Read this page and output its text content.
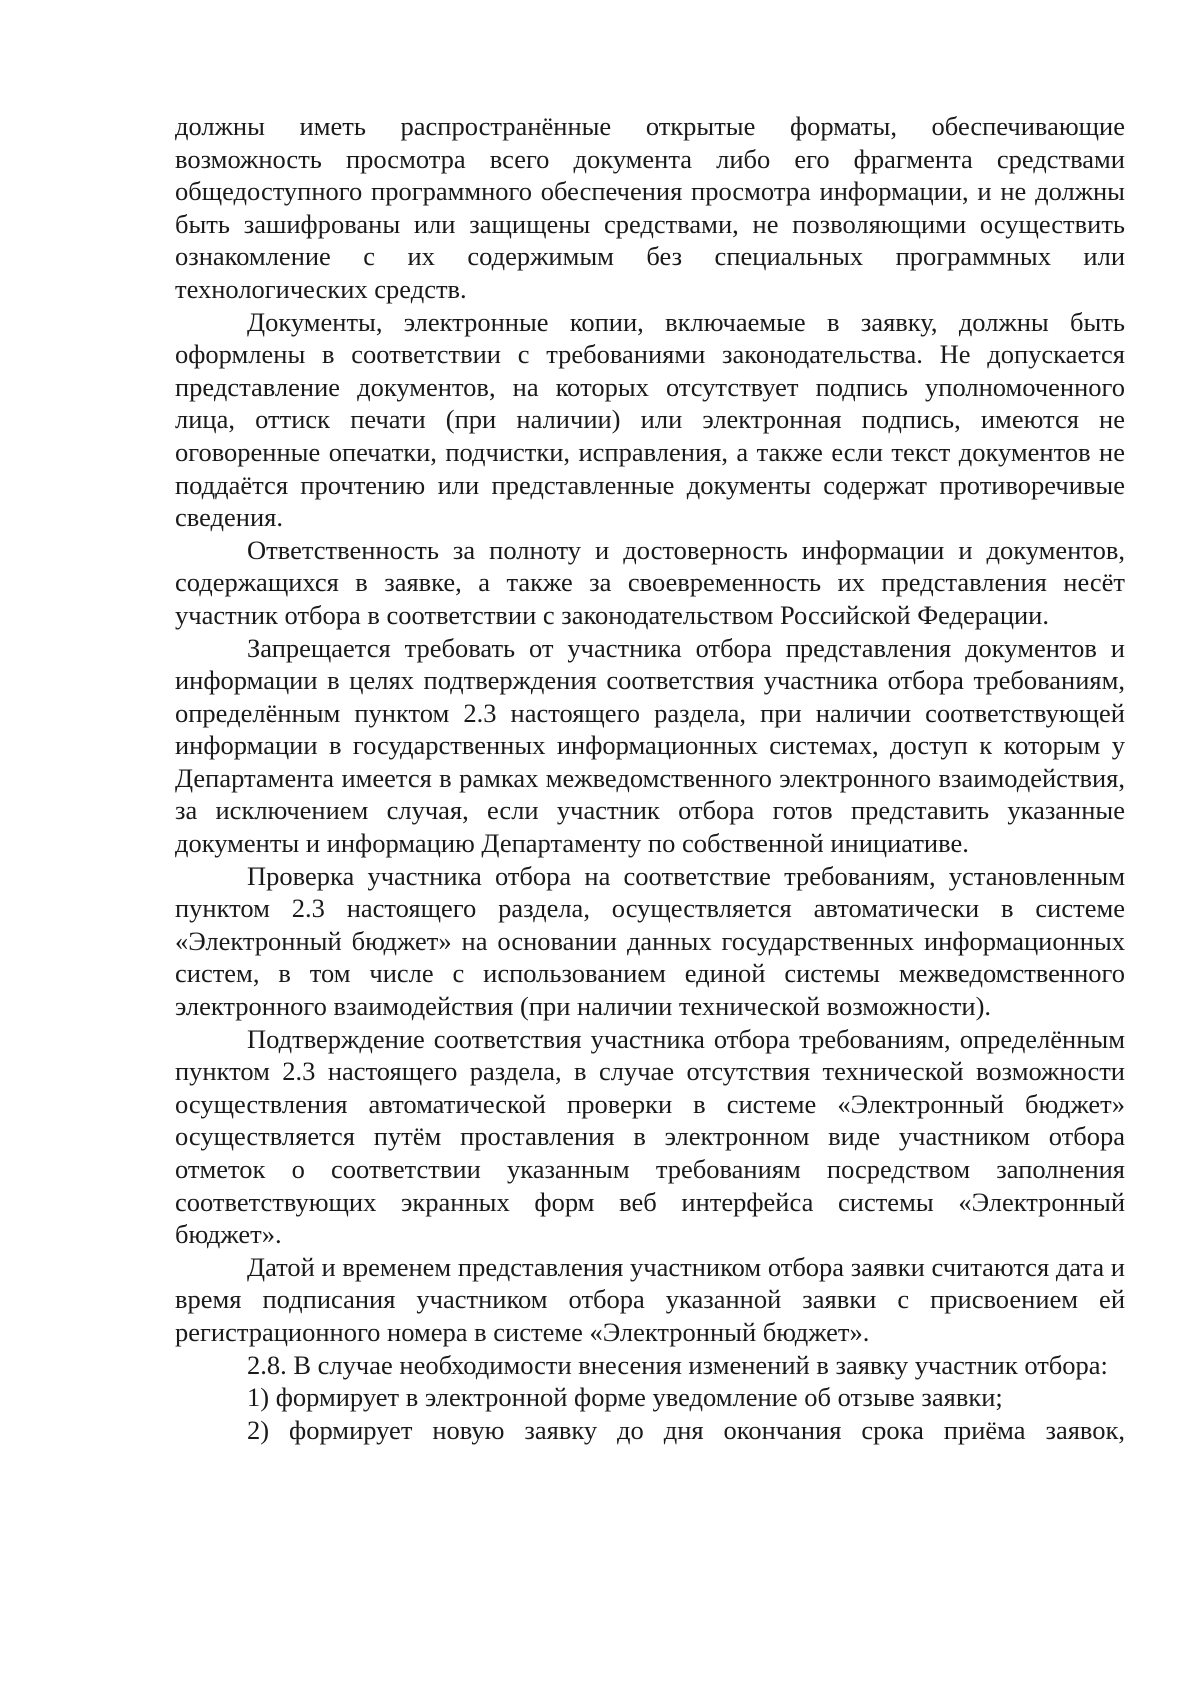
должны иметь распространённые открытые форматы, обеспечивающие возможность просмотра всего документа либо его фрагмента средствами общедоступного программного обеспечения просмотра информации, и не должны быть зашифрованы или защищены средствами, не позволяющими осуществить ознакомление с их содержимым без специальных программных или технологических средств.

Документы, электронные копии, включаемые в заявку, должны быть оформлены в соответствии с требованиями законодательства. Не допускается представление документов, на которых отсутствует подпись уполномоченного лица, оттиск печати (при наличии) или электронная подпись, имеются не оговоренные опечатки, подчистки, исправления, а также если текст документов не поддаётся прочтению или представленные документы содержат противоречивые сведения.

Ответственность за полноту и достоверность информации и документов, содержащихся в заявке, а также за своевременность их представления несёт участник отбора в соответствии с законодательством Российской Федерации.

Запрещается требовать от участника отбора представления документов и информации в целях подтверждения соответствия участника отбора требованиям, определённым пунктом 2.3 настоящего раздела, при наличии соответствующей информации в государственных информационных системах, доступ к которым у Департамента имеется в рамках межведомственного электронного взаимодействия, за исключением случая, если участник отбора готов представить указанные документы и информацию Департаменту по собственной инициативе.

Проверка участника отбора на соответствие требованиям, установленным пунктом 2.3 настоящего раздела, осуществляется автоматически в системе «Электронный бюджет» на основании данных государственных информационных систем, в том числе с использованием единой системы межведомственного электронного взаимодействия (при наличии технической возможности).

Подтверждение соответствия участника отбора требованиям, определённым пунктом 2.3 настоящего раздела, в случае отсутствия технической возможности осуществления автоматической проверки в системе «Электронный бюджет» осуществляется путём проставления в электронном виде участником отбора отметок о соответствии указанным требованиям посредством заполнения соответствующих экранных форм веб интерфейса системы «Электронный бюджет».

Датой и временем представления участником отбора заявки считаются дата и время подписания участником отбора указанной заявки с присвоением ей регистрационного номера в системе «Электронный бюджет».

2.8. В случае необходимости внесения изменений в заявку участник отбора:

1) формирует в электронной форме уведомление об отзыве заявки;

2) формирует новую заявку до дня окончания срока приёма заявок,
